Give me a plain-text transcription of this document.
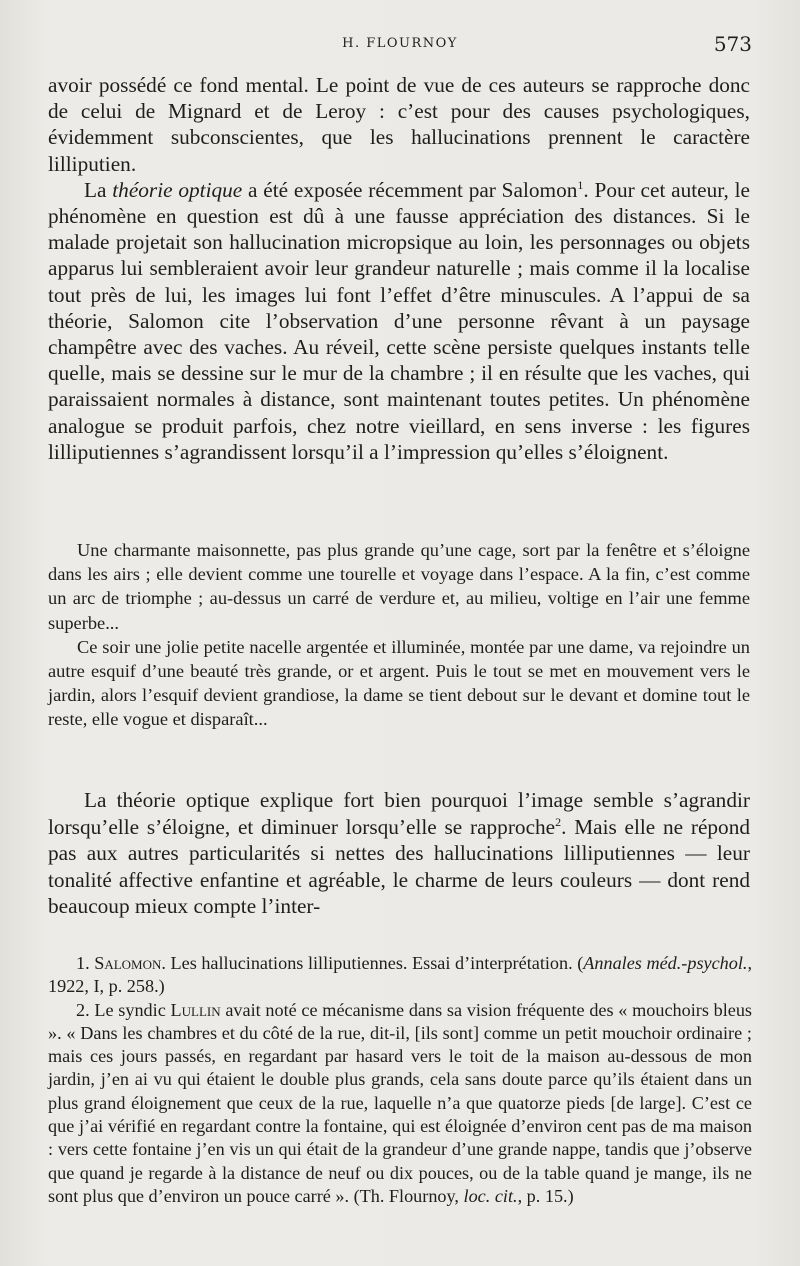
H. FLOURNOY	573

avoir possédé ce fond mental. Le point de vue de ces auteurs se rapproche donc de celui de Mignard et de Leroy : c’est pour des causes psychologiques, évidemment subconscientes, que les hallucinations prennent le caractère lilliputien.

La théorie optique a été exposée récemment par Salomon$^1$. Pour cet auteur, le phénomène en question est dû à une fausse appréciation des distances. Si le malade projetait son hallucination micropsique au loin, les personnages ou objets apparus lui sembleraient avoir leur grandeur naturelle ; mais comme il la localise tout près de lui, les images lui font l’effet d’être minuscules. A l’appui de sa théorie, Salomon cite l’observation d’une personne rêvant à un paysage champêtre avec des vaches. Au réveil, cette scène persiste quelques instants telle quelle, mais se dessine sur le mur de la chambre ; il en résulte que les vaches, qui paraissaient normales à distance, sont maintenant toutes petites. Un phénomène analogue se produit parfois, chez notre vieillard, en sens inverse : les figures lilliputiennes s’agrandissent lorsqu’il a l’impression qu’elles s’éloignent.

Une charmante maisonnette, pas plus grande qu’une cage, sort par la fenêtre et s’éloigne dans les airs ; elle devient comme une tourelle et voyage dans l’espace. A la fin, c’est comme un arc de triomphe ; au-dessus un carré de verdure et, au milieu, voltige en l’air une femme superbe...

Ce soir une jolie petite nacelle argentée et illuminée, montée par une dame, va rejoindre un autre esquif d’une beauté très grande, or et argent. Puis le tout se met en mouvement vers le jardin, alors l’esquif devient grandiose, la dame se tient debout sur le devant et domine tout le reste, elle vogue et disparaît...

La théorie optique explique fort bien pourquoi l’image semble s’agrandir lorsqu’elle s’éloigne, et diminuer lorsqu’elle se rapproche$^2$. Mais elle ne répond pas aux autres particularités si nettes des hallucinations lilliputiennes — leur tonalité affective enfantine et agréable, le charme de leurs couleurs — dont rend beaucoup mieux compte l’inter-

1. Salomon. Les hallucinations lilliputiennes. Essai d’interprétation. (Annales méd.-psychol., 1922, I, p. 258.)

2. Le syndic Lullin avait noté ce mécanisme dans sa vision fréquente des « mouchoirs bleus ». « Dans les chambres et du côté de la rue, dit-il, [ils sont] comme un petit mouchoir ordinaire ; mais ces jours passés, en regardant par hasard vers le toit de la maison au-dessous de mon jardin, j’en ai vu qui étaient le double plus grands, cela sans doute parce qu’ils étaient dans un plus grand éloignement que ceux de la rue, laquelle n’a que quatorze pieds [de large]. C’est ce que j’ai vérifié en regardant contre la fontaine, qui est éloignée d’environ cent pas de ma maison : vers cette fontaine j’en vis un qui était de la grandeur d’une grande nappe, tandis que j’observe que quand je regarde à la distance de neuf ou dix pouces, ou de la table quand je mange, ils ne sont plus que d’environ un pouce carré ». (Th. Flournoy, loc. cit., p. 15.)
